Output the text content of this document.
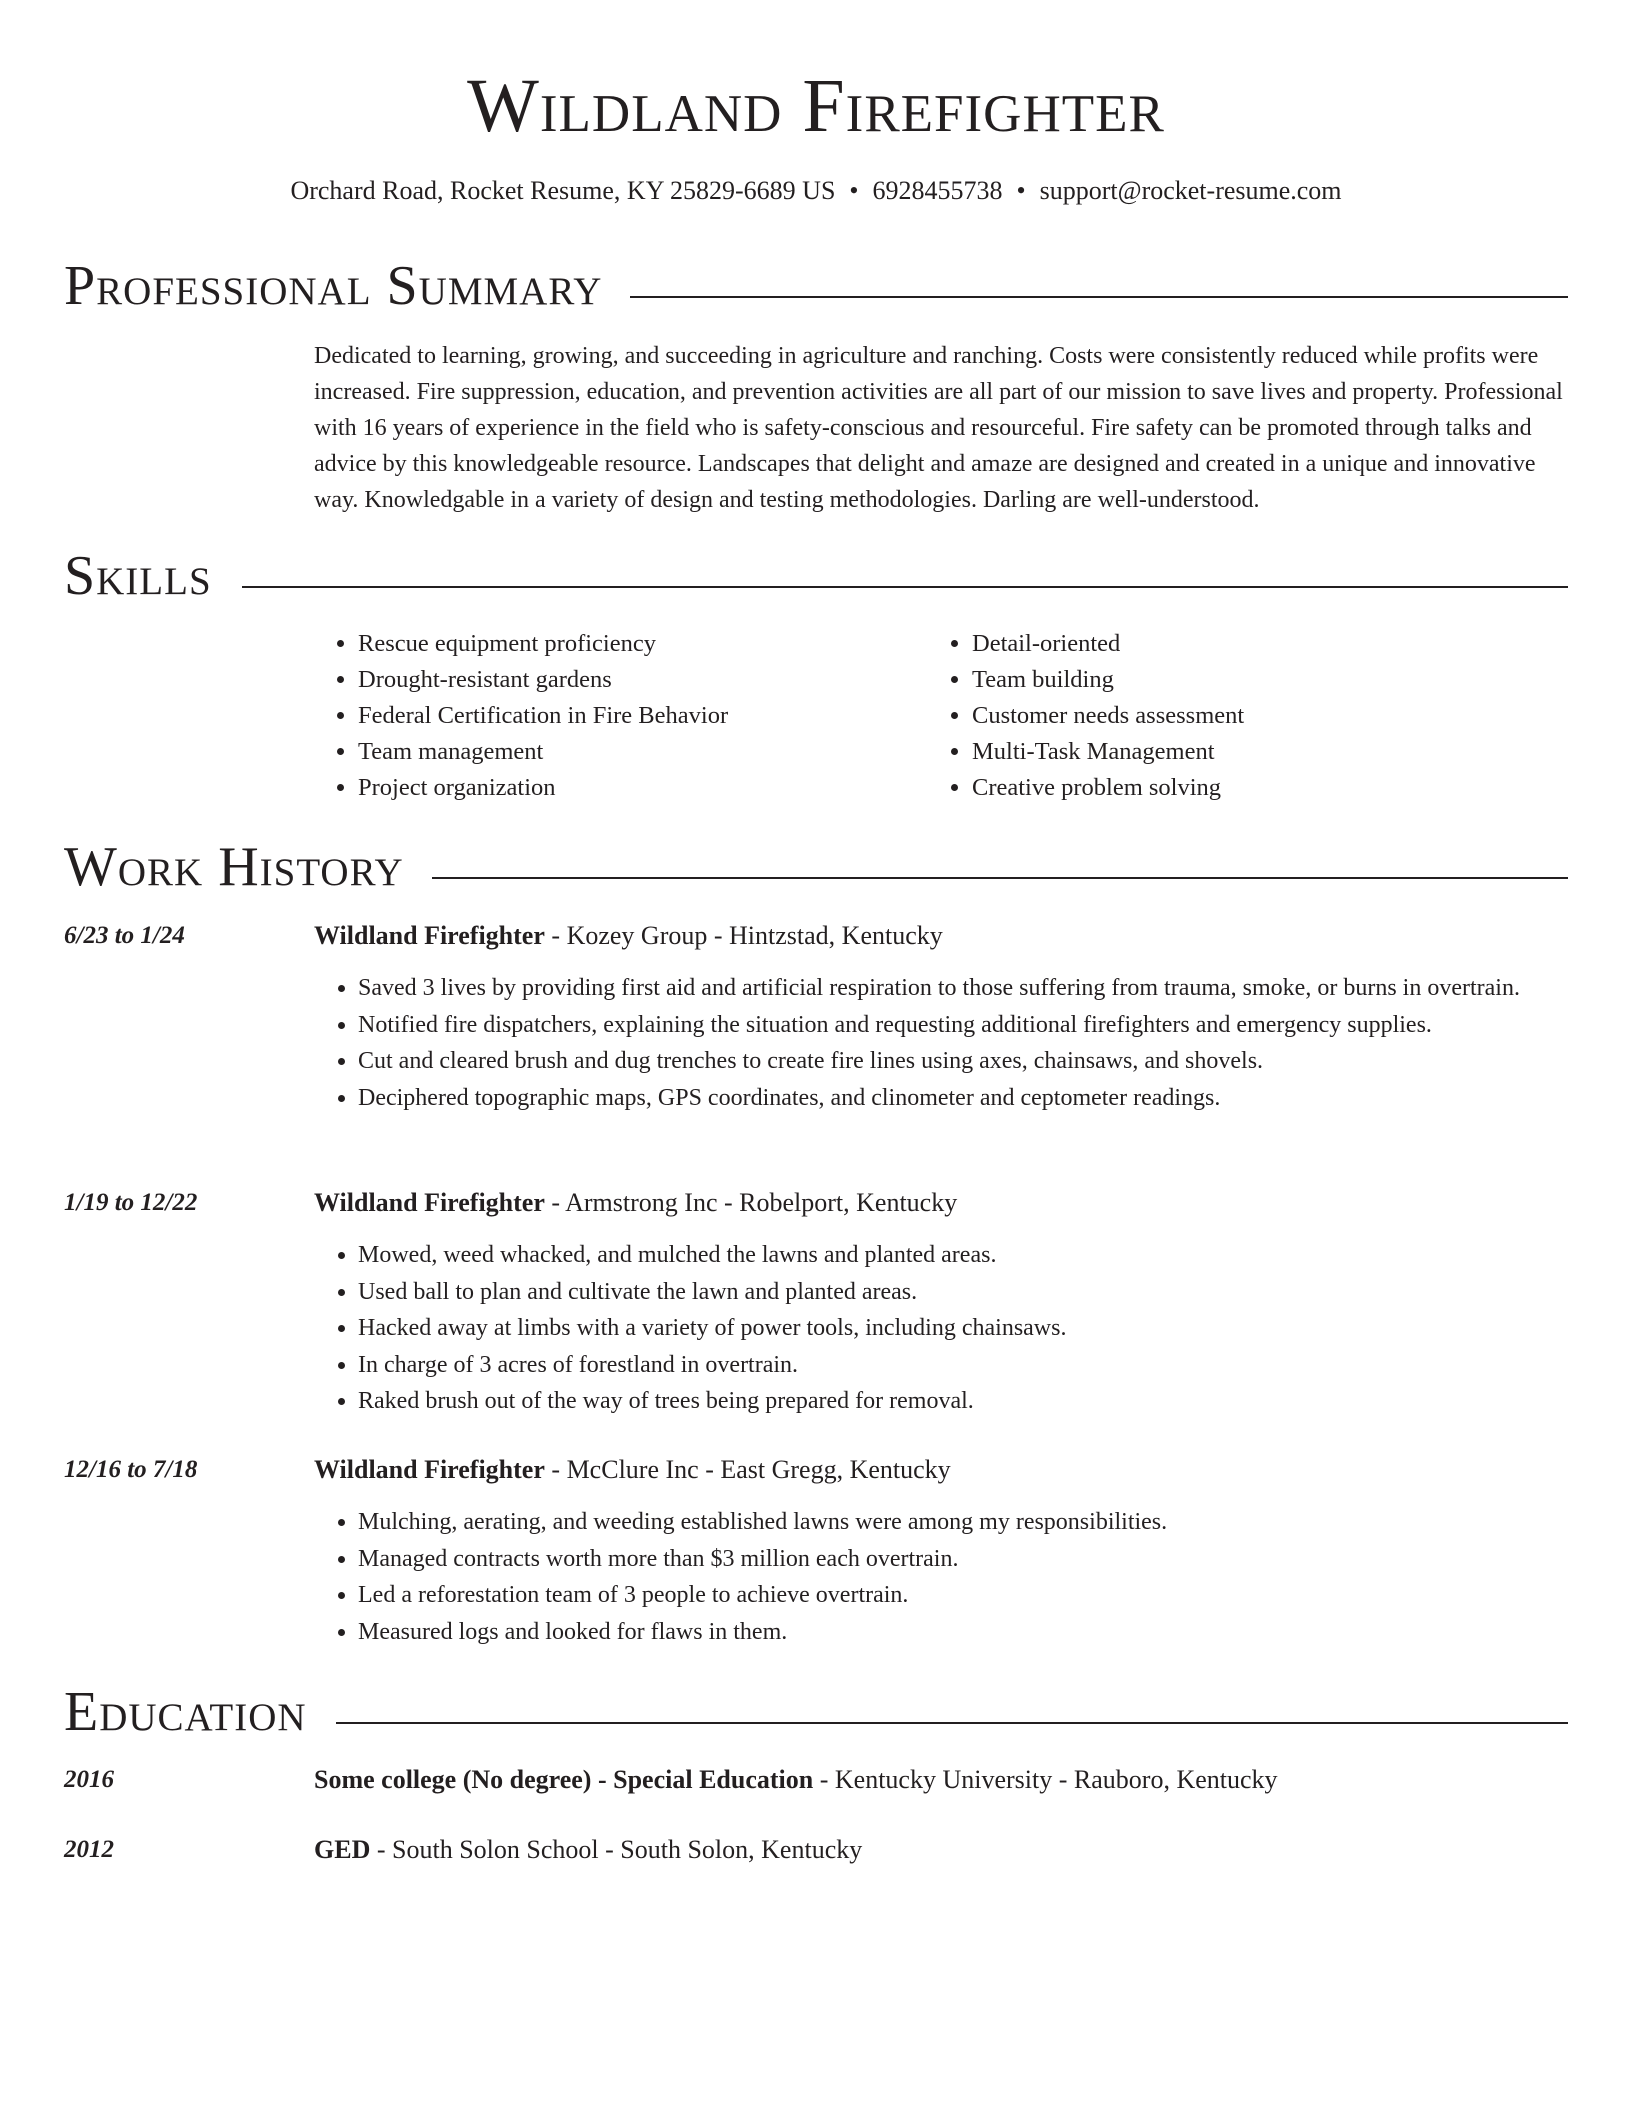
Wildland Firefighter
Orchard Road, Rocket Resume, KY 25829-6689 US • 6928455738 • support@rocket-resume.com
Professional Summary
Dedicated to learning, growing, and succeeding in agriculture and ranching. Costs were consistently reduced while profits were increased. Fire suppression, education, and prevention activities are all part of our mission to save lives and property. Professional with 16 years of experience in the field who is safety-conscious and resourceful. Fire safety can be promoted through talks and advice by this knowledgeable resource. Landscapes that delight and amaze are designed and created in a unique and innovative way. Knowledgable in a variety of design and testing methodologies. Darling are well-understood.
Skills
• Rescue equipment proficiency
• Drought-resistant gardens
• Federal Certification in Fire Behavior
• Team management
• Project organization
• Detail-oriented
• Team building
• Customer needs assessment
• Multi-Task Management
• Creative problem solving
Work History
6/23 to 1/24	Wildland Firefighter - Kozey Group - Hintzstad, Kentucky
• Saved 3 lives by providing first aid and artificial respiration to those suffering from trauma, smoke, or burns in overtrain.
• Notified fire dispatchers, explaining the situation and requesting additional firefighters and emergency supplies.
• Cut and cleared brush and dug trenches to create fire lines using axes, chainsaws, and shovels.
• Deciphered topographic maps, GPS coordinates, and clinometer and ceptometer readings.
1/19 to 12/22	Wildland Firefighter - Armstrong Inc - Robelport, Kentucky
• Mowed, weed whacked, and mulched the lawns and planted areas.
• Used ball to plan and cultivate the lawn and planted areas.
• Hacked away at limbs with a variety of power tools, including chainsaws.
• In charge of 3 acres of forestland in overtrain.
• Raked brush out of the way of trees being prepared for removal.
12/16 to 7/18	Wildland Firefighter - McClure Inc - East Gregg, Kentucky
• Mulching, aerating, and weeding established lawns were among my responsibilities.
• Managed contracts worth more than $3 million each overtrain.
• Led a reforestation team of 3 people to achieve overtrain.
• Measured logs and looked for flaws in them.
Education
2016	Some college (No degree) - Special Education - Kentucky University - Rauboro, Kentucky
2012	GED - South Solon School - South Solon, Kentucky
